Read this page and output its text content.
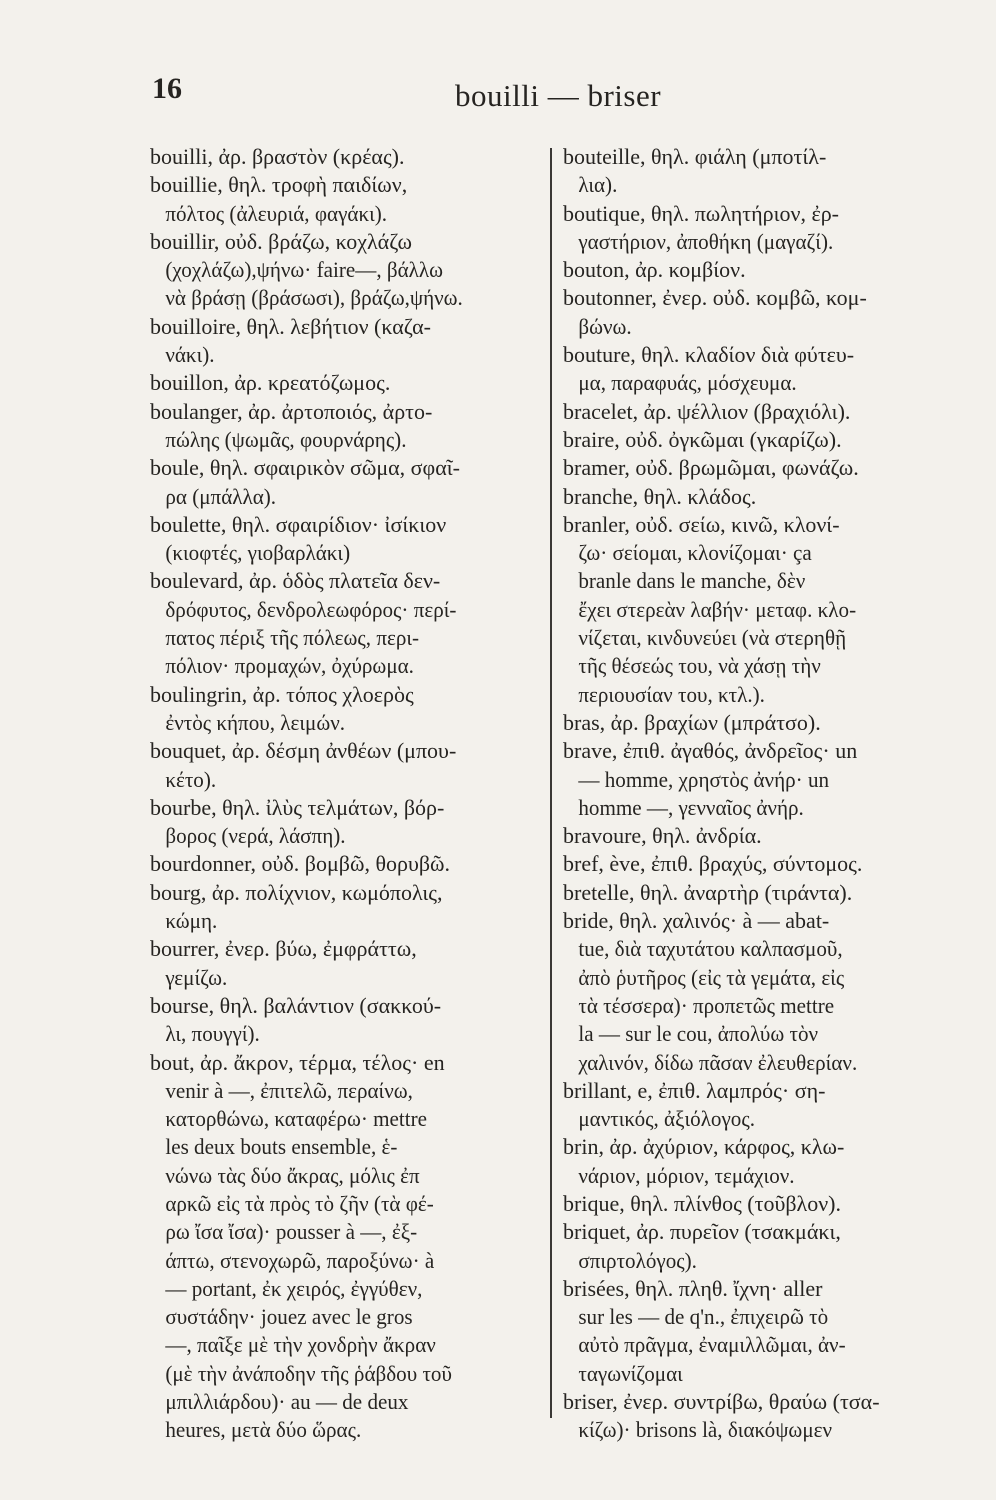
16	bouilli — briser
bouilli, ἀρ. βραστὸν (κρέας).
bouillie, θηλ. τροφὴ παιδίων,
πόλτος (ἀλευριά, φαγάκι).
bouillir, οὐδ. βράζω, κοχλάζω
(χοχλάζω),ψήνω· faire—, βάλλω
νὰ βράσῃ (βράσωσι), βράζω,ψήνω.
bouilloire, θηλ. λεβήτιον (καζα-
νάκι).
bouillon, ἀρ. κρεατόζωμος.
boulanger, ἀρ. ἀρτοποιός, ἀρτο-
πώλης (ψωμᾶς, φουρνάρης).
boule, θηλ. σφαιρικὸν σῶμα, σφαῖ-
ρα (μπάλλα).
boulette, θηλ. σφαιρίδιον· ἰσίκιον
(κιοφτές, γιοβαρλάκι)
boulevard, ἀρ. ὁδὸς πλατεῖα δεν-
δρόφυτος, δενδρολεωφόρος· περί-
πατος πέριξ τῆς πόλεως, περι-
πόλιον· προμαχών, ὀχύρωμα.
boulingrin, ἀρ. τόπος χλοερὸς
ἐντὸς κήπου, λειμών.
bouquet, ἀρ. δέσμη ἀνθέων (μπου-
κέτο).
bourbe, θηλ. ἰλὺς τελμάτων, βόρ-
βορος (νερά, λάσπη).
bourdonner, οὐδ. βομβῶ, θορυβῶ.
bourg, ἀρ. πολίχνιον, κωμόπολις,
κώμη.
bourrer, ἐνερ. βύω, ἐμφράττω,
γεμίζω.
bourse, θηλ. βαλάντιον (σακκού-
λι, πουγγί).
bout, ἀρ. ἄκρον, τέρμα, τέλος· en
venir à —, ἐπιτελῶ, περαίνω,
κατορθώνω, καταφέρω· mettre
les deux bouts ensemble, ἑ-
νώνω τὰς δύο ἄκρας, μόλις ἐπ
αρκῶ εἰς τὰ πρὸς τὸ ζῆν (τὰ φέ-
ρω ἴσα ἴσα)· pousser à —, ἐξ-
άπτω, στενοχωρῶ, παροξύνω· à
— portant, ἐκ χειρός, ἐγγύθεν,
συστάδην· jouez avec le gros
—, παῖξε μὲ τὴν χονδρὴν ἄκραν
(μὲ τὴν ἀνάποδην τῆς ῥάβδου τοῦ
μπιλλιάρδου)· au — de deux
heures, μετὰ δύο ὥρας.
bouteille, θηλ. φιάλη (μποτίλ-
λια).
boutique, θηλ. πωλητήριον, ἐρ-
γαστήριον, ἀποθήκη (μαγαζί).
bouton, ἀρ. κομβίον.
boutonner, ἐνερ. οὐδ. κομβῶ, κομ-
βώνω.
bouture, θηλ. κλαδίον διὰ φύτευ-
μα, παραφυάς, μόσχευμα.
bracelet, ἀρ. ψέλλιον (βραχιόλι).
braire, οὐδ. ὀγκῶμαι (γκαρίζω).
bramer, οὐδ. βρωμῶμαι, φωνάζω.
branche, θηλ. κλάδος.
branler, οὐδ. σείω, κινῶ, κλονί-
ζω· σείομαι, κλονίζομαι· ça
branle dans le manche, δὲν
ἔχει στερεὰν λαβήν· μεταφ. κλο-
νίζεται, κινδυνεύει (νὰ στερηθῇ
τῆς θέσεώς του, νὰ χάσῃ τὴν
περιουσίαν του, κτλ.).
bras, ἀρ. βραχίων (μπράτσο).
brave, ἐπιθ. ἀγαθός, ἀνδρεῖος· un
— homme, χρηστὸς ἀνήρ· un
homme —, γενναῖος ἀνήρ.
bravoure, θηλ. ἀνδρία.
bref, ève, ἐπιθ. βραχύς, σύντομος.
bretelle, θηλ. ἀναρτὴρ (τιράντα).
bride, θηλ. χαλινός· à — abat-
tue, διὰ ταχυτάτου καλπασμοῦ,
ἀπὸ ῥυτῆρος (εἰς τὰ γεμάτα, εἰς
τὰ τέσσερα)· προπετῶς mettre
la — sur le cou, ἀπολύω τὸν
χαλινόν, δίδω πᾶσαν ἐλευθερίαν.
brillant, e, ἐπιθ. λαμπρός· ση-
μαντικός, ἀξιόλογος.
brin, ἀρ. ἀχύριον, κάρφος, κλω-
νάριον, μόριον, τεμάχιον.
brique, θηλ. πλίνθος (τοῦβλον).
briquet, ἀρ. πυρεῖον (τσακμάκι,
σπιρτολόγος).
brisées, θηλ. πληθ. ἴχνη· aller
sur les — de q'n., ἐπιχειρῶ τὸ
αὐτὸ πρᾶγμα, ἐναμιλλῶμαι, ἀν-
ταγωνίζομαι
briser, ἐνερ. συντρίβω, θραύω (τσα-
κίζω)· brisons là, διακόψωμεν
